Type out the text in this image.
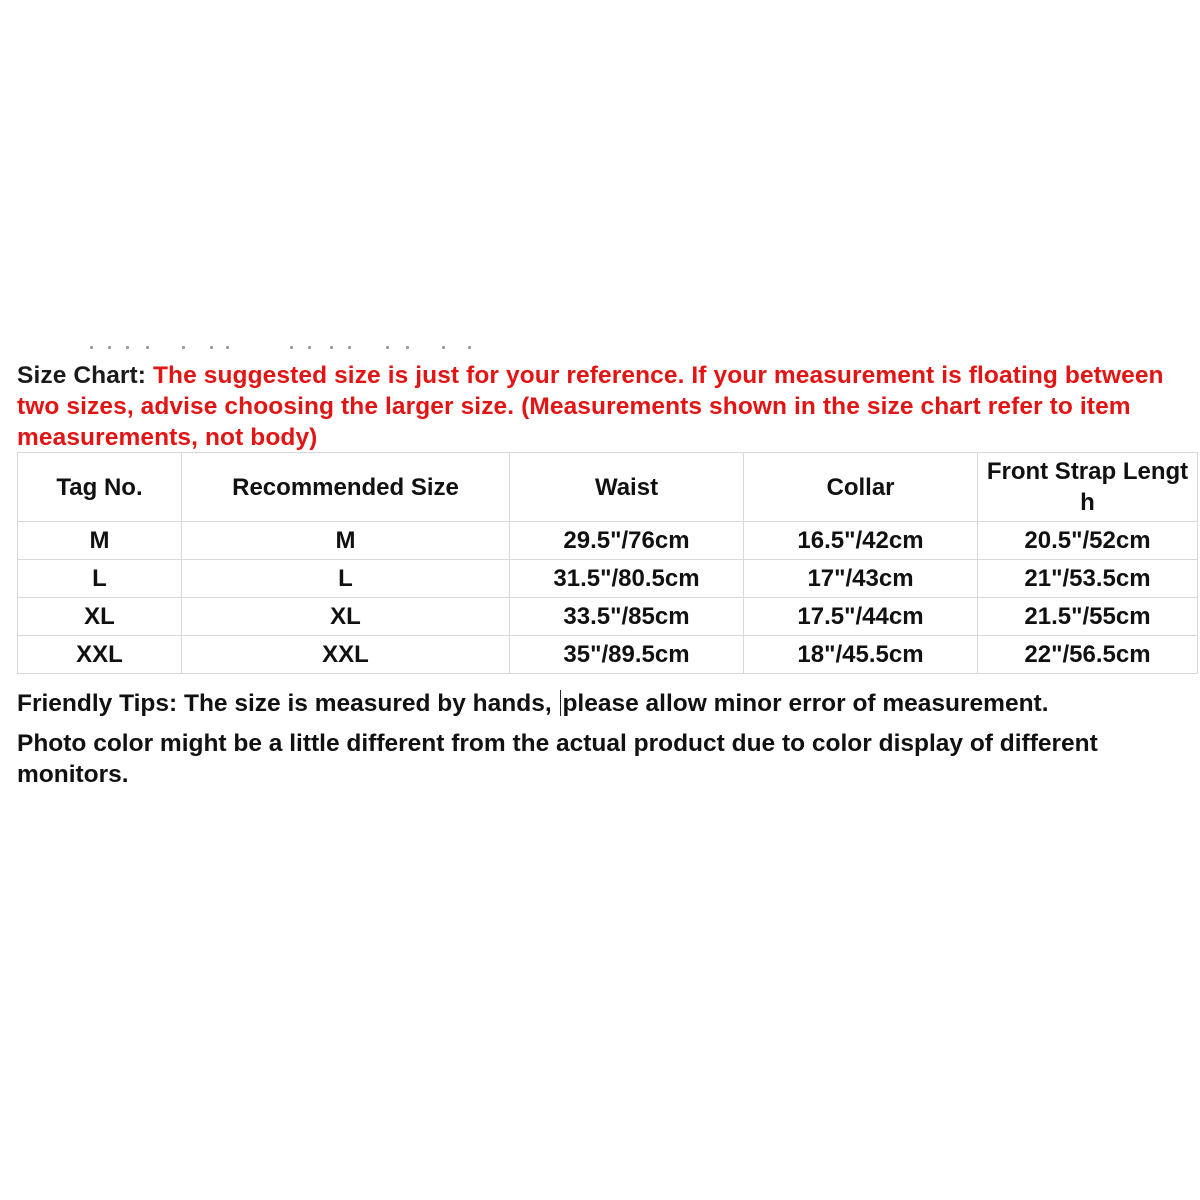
Size Chart: The suggested size is just for your reference. If your measurement is floating between two sizes, advise choosing the larger size. (Measurements shown in the size chart refer to item measurements, not body)
Tag No.	Recommended Size	Waist	Collar	Front Strap Length
M	M	29.5"/76cm	16.5"/42cm	20.5"/52cm
L	L	31.5"/80.5cm	17"/43cm	21"/53.5cm
XL	XL	33.5"/85cm	17.5"/44cm	21.5"/55cm
XXL	XXL	35"/89.5cm	18"/45.5cm	22"/56.5cm

Friendly Tips: The size is measured by hands, please allow minor error of measurement.

Photo color might be a little different from the actual product due to color display of different monitors.
